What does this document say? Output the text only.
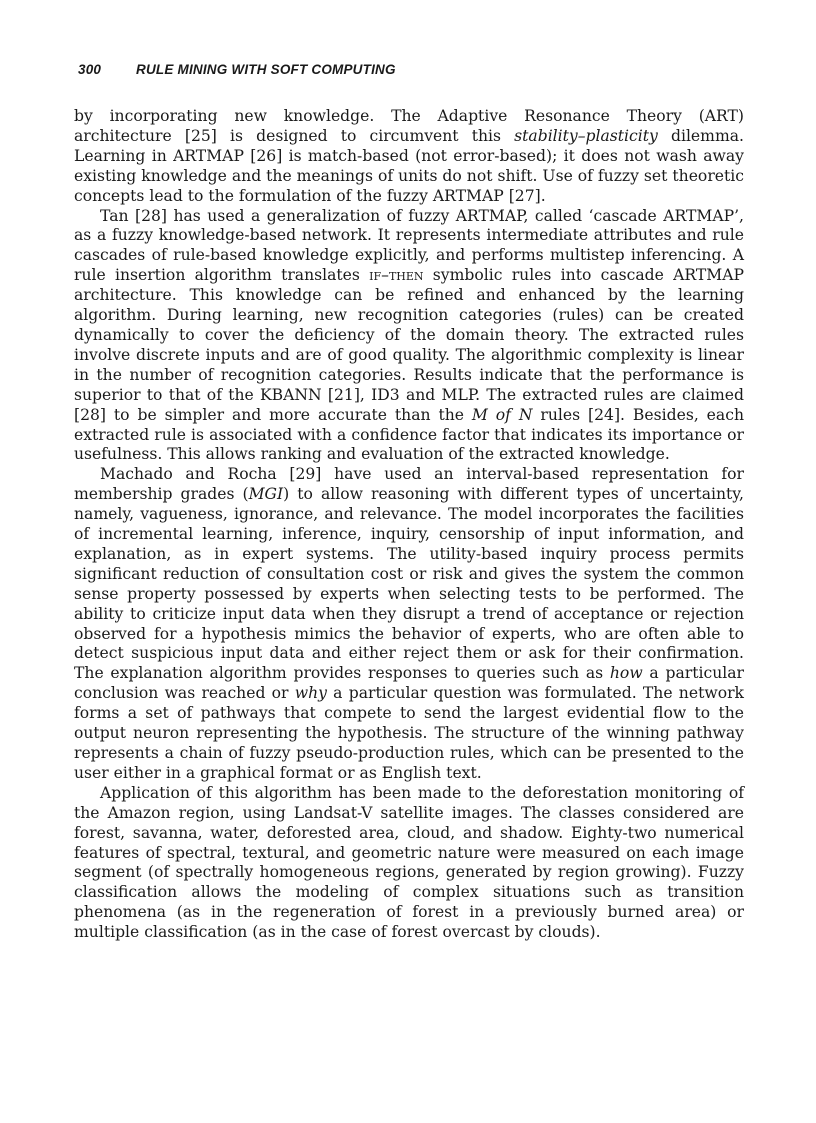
300	RULE MINING WITH SOFT COMPUTING

by incorporating new knowledge. The Adaptive Resonance Theory (ART) architecture [25] is designed to circumvent this stability–plasticity dilemma. Learning in ARTMAP [26] is match-based (not error-based); it does not wash away existing knowledge and the meanings of units do not shift. Use of fuzzy set theoretic concepts lead to the formulation of the fuzzy ARTMAP [27].

Tan [28] has used a generalization of fuzzy ARTMAP, called ‘cascade ARTMAP’, as a fuzzy knowledge-based network. It represents intermediate attributes and rule cascades of rule-based knowledge explicitly, and performs multistep inferencing. A rule insertion algorithm translates if–then symbolic rules into cascade ARTMAP architecture. This knowledge can be refined and enhanced by the learning algorithm. During learning, new recognition categories (rules) can be created dynamically to cover the deficiency of the domain theory. The extracted rules involve discrete inputs and are of good quality. The algorithmic complexity is linear in the number of recognition categories. Results indicate that the performance is superior to that of the KBANN [21], ID3 and MLP. The extracted rules are claimed [28] to be simpler and more accurate than the M of N rules [24]. Besides, each extracted rule is associated with a confidence factor that indicates its importance or usefulness. This allows ranking and evaluation of the extracted knowledge.

Machado and Rocha [29] have used an interval-based representation for membership grades (MGI) to allow reasoning with different types of uncertainty, namely, vagueness, ignorance, and relevance. The model incorporates the facilities of incremental learning, inference, inquiry, censorship of input information, and explanation, as in expert systems. The utility-based inquiry process permits significant reduction of consultation cost or risk and gives the system the common sense property possessed by experts when selecting tests to be performed. The ability to criticize input data when they disrupt a trend of acceptance or rejection observed for a hypothesis mimics the behavior of experts, who are often able to detect suspicious input data and either reject them or ask for their confirmation. The explanation algorithm provides responses to queries such as how a particular conclusion was reached or why a particular question was formulated. The network forms a set of pathways that compete to send the largest evidential flow to the output neuron representing the hypothesis. The structure of the winning pathway represents a chain of fuzzy pseudo-production rules, which can be presented to the user either in a graphical format or as English text.

Application of this algorithm has been made to the deforestation monitoring of the Amazon region, using Landsat-V satellite images. The classes considered are forest, savanna, water, deforested area, cloud, and shadow. Eighty-two numerical features of spectral, textural, and geometric nature were measured on each image segment (of spectrally homogeneous regions, generated by region growing). Fuzzy classification allows the modeling of complex situations such as transition phenomena (as in the regeneration of forest in a previously burned area) or multiple classification (as in the case of forest overcast by clouds).
